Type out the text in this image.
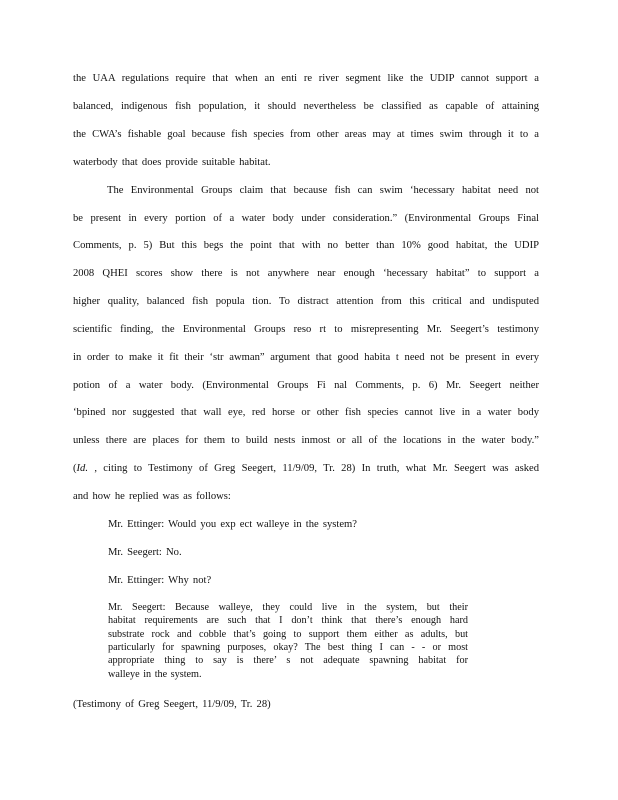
the UAA regulations require that when an enti re river segment like the UDIP cannot support a
balanced, indigenous fish population, it should nevertheless be classified as capable of attaining
the CWA’s fishable goal because fish species from other areas may at times swim through it to a
waterbody that does provide suitable habitat.
The Environmental Groups claim that because fish can swim ‘hecessary habitat need not
be present in every portion of a water body under consideration.” (Environmental Groups Final
Comments, p. 5) But this begs the point that with no better than 10% good habitat, the UDIP
2008 QHEI scores show there is not anywhere near enough ‘hecessary habitat” to support a
higher quality, balanced fish popula tion. To distract attention from this critical and undisputed
scientific finding, the Environmental Groups reso rt to misrepresenting Mr. Seegert’s testimony
in order to make it fit their ‘str awman” argument that good habita t need not be present in every
potion of a water body. (Environmental Groups Fi nal Comments, p. 6) Mr. Seegert neither
‘bpined nor suggested that wall eye, red horse or other fish species cannot live in a water body
unless there are places for them to build nests inmost or all of the locations in the water body.”
(Id. , citing to Testimony of Greg Seegert, 11/9/09, Tr. 28) In truth, what Mr. Seegert was asked
and how he replied was as follows:
Mr. Ettinger: Would you exp ect walleye in the system?
Mr. Seegert: No.
Mr. Ettinger: Why not?
Mr. Seegert: Because walleye, they could live in the system, but their
habitat requirements are such that I don’t think that there’s enough hard
substrate rock and cobble that’s going to support them either as adults, but
particularly for spawning purposes, okay? The best thing I can - - or most
appropriate thing to say is there’ s not adequate spawning habitat for
walleye in the system.
(Testimony of Greg Seegert, 11/9/09, Tr. 28)
